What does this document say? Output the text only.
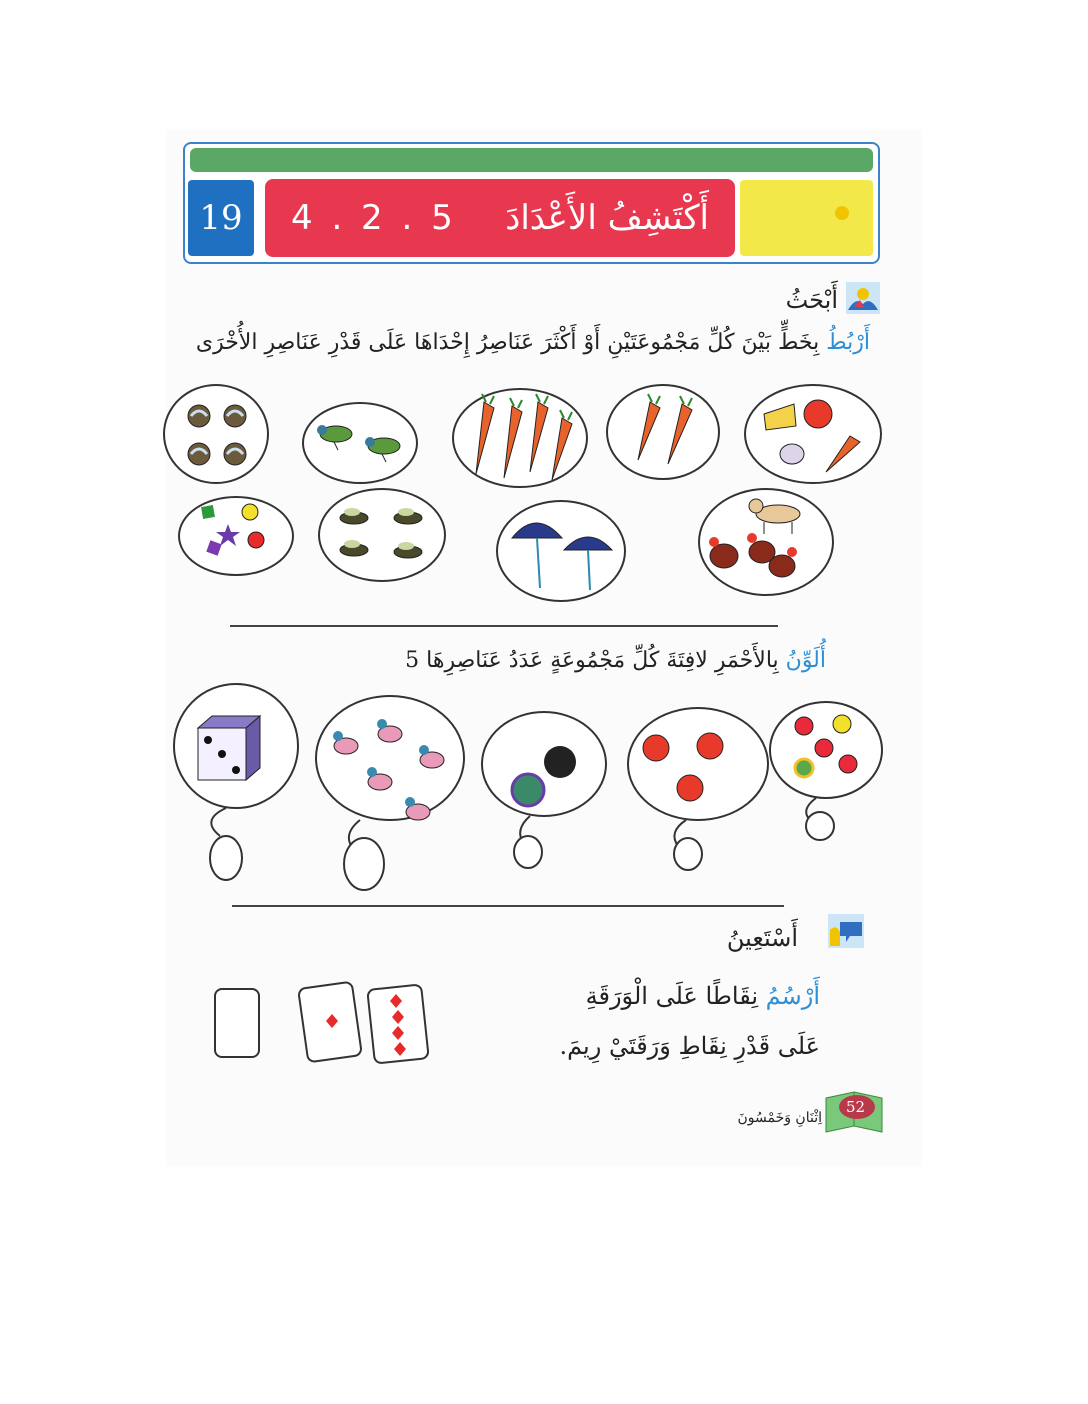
19	4 . 2 . 5 أَكْتَشِفُ الأَعْدَادَ
أَبْحَثُ
أَرْبُطُ بِخَطٍّ بَيْنَ كُلِّ مَجْمُوعَتَيْنِ أَوْ أَكْثَرَ عَنَاصِرُ إِحْدَاهَا عَلَى قَدْرِ عَنَاصِرِ الأُخْرَى
أُلَوِّنُ بِالأَحْمَرِ لافِتَةَ كُلِّ مَجْمُوعَةٍ عَدَدُ عَنَاصِرِهَا 5
أَسْتَعِينُ
أَرْسُمُ نِقَاطًا عَلَى الْوَرَقَةِ
عَلَى قَدْرِ نِقَاطِ وَرَقَتَيْ رِيمَ.
52
اِثْنَانِ وَخَمْسُونَ
